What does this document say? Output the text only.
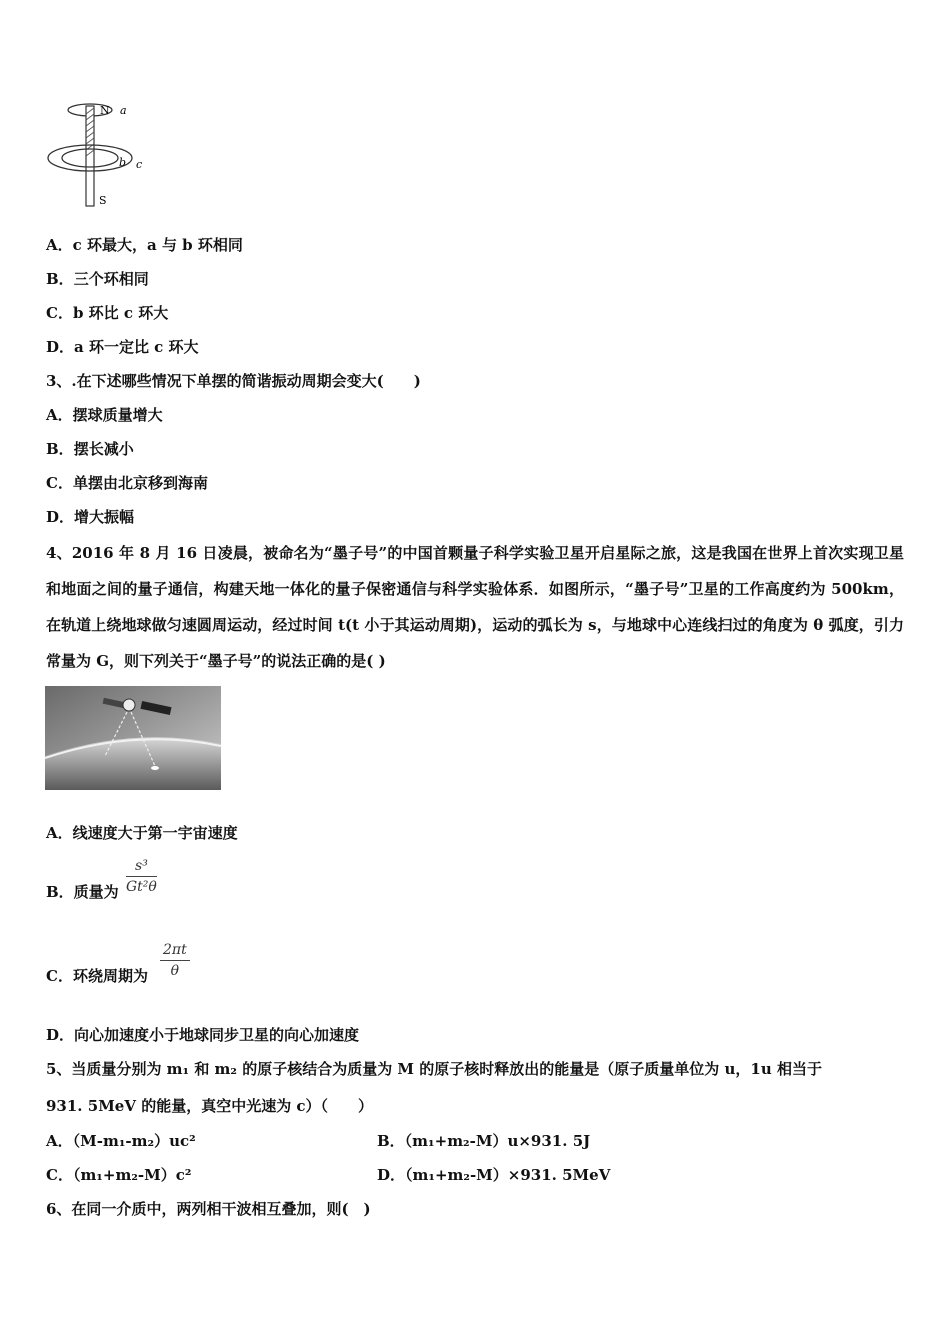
N a
b c
S
A．c 环最大，a 与 b 环相同
B．三个环相同
C．b 环比 c 环大
D．a 环一定比 c 环大
3、.在下述哪些情况下单摆的简谐振动周期会变大(　　)
A．摆球质量增大
B．摆长减小
C．单摆由北京移到海南
D．增大振幅
4、2016 年 8 月 16 日凌晨，被命名为“墨子号”的中国首颗量子科学实验卫星开启星际之旅，这是我国在世界上首次实现卫星和地面之间的量子通信，构建天地一体化的量子保密通信与科学实验体系．如图所示，“墨子号”卫星的工作高度约为 500km，在轨道上绕地球做匀速圆周运动，经过时间 t(t 小于其运动周期)，运动的弧长为 s，与地球中心连线扫过的角度为 θ 弧度，引力常量为 G，则下列关于“墨子号”的说法正确的是( )
A．线速度大于第一宇宙速度
B．质量为
s³
Gt²θ
C．环绕周期为
2πt
θ
D．向心加速度小于地球同步卫星的向心加速度
5、当质量分别为 m₁ 和 m₂ 的原子核结合为质量为 M 的原子核时释放出的能量是（原子质量单位为 u，1u 相当于
931. 5MeV 的能量，真空中光速为 c）（　　）
A．（M-m₁-m₂）uc²	B．（m₁+m₂-M）u×931. 5J
C．（m₁+m₂-M）c²	D．（m₁+m₂-M）×931. 5MeV
6、在同一介质中，两列相干波相互叠加，则(　)
